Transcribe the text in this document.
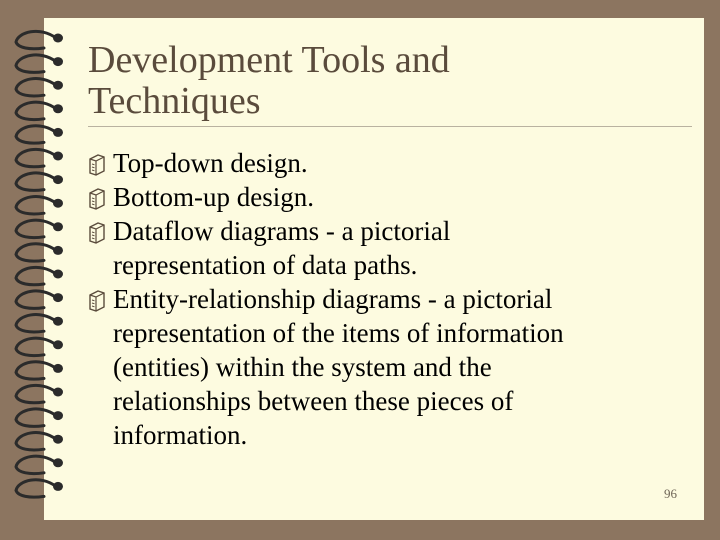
Development Tools and
Techniques
Top-down design.
Bottom-up design.
Dataflow diagrams - a pictorial
representation of data paths.
Entity-relationship diagrams - a pictorial
representation of the items of information
(entities) within the system and the
relationships between these pieces of
information.
96
